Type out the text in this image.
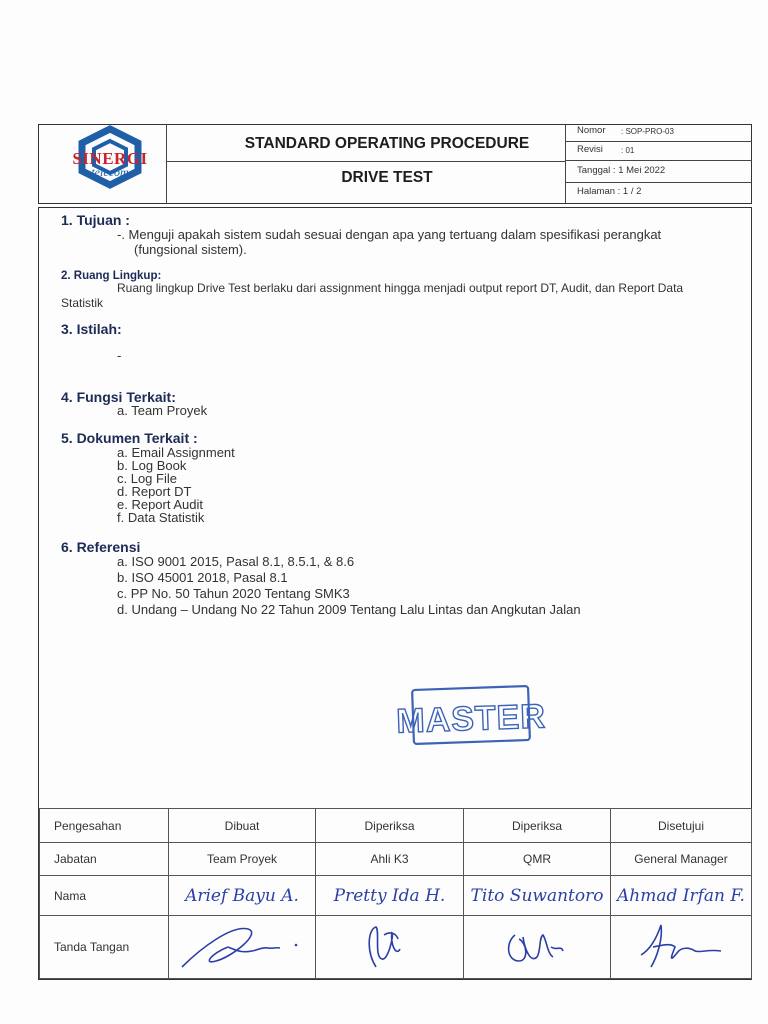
SINERGI
telecom
STANDARD OPERATING PROCEDURE
DRIVE TEST
Nomor : SOP-PRO-03
Revisi : 01
Tanggal : 1 Mei 2022
Halaman : 1 / 2
1. Tujuan :
-. Menguji apakah sistem sudah sesuai dengan apa yang tertuang dalam spesifikasi perangkat
(fungsional sistem).
2. Ruang Lingkup:
Ruang lingkup Drive Test berlaku dari assignment hingga menjadi output report DT, Audit, dan Report Data
Statistik
3. Istilah:
-
4. Fungsi Terkait:
a. Team Proyek
5. Dokumen Terkait :
a. Email Assignment
b. Log Book
c. Log File
d. Report DT
e. Report Audit
f. Data Statistik
6. Referensi
a. ISO 9001 2015, Pasal 8.1, 8.5.1, & 8.6
b. ISO 45001 2018, Pasal 8.1
c. PP No. 50 Tahun 2020 Tentang SMK3
d. Undang – Undang No 22 Tahun 2009 Tentang Lalu Lintas dan Angkutan Jalan
MASTER
Pengesahan	Dibuat	Diperiksa	Diperiksa	Disetujui
Jabatan	Team Proyek	Ahli K3	QMR	General Manager
Nama	Arief Bayu A.	Pretty Ida H.	Tito Suwantoro	Ahmad Irfan F.
Tanda Tangan				
